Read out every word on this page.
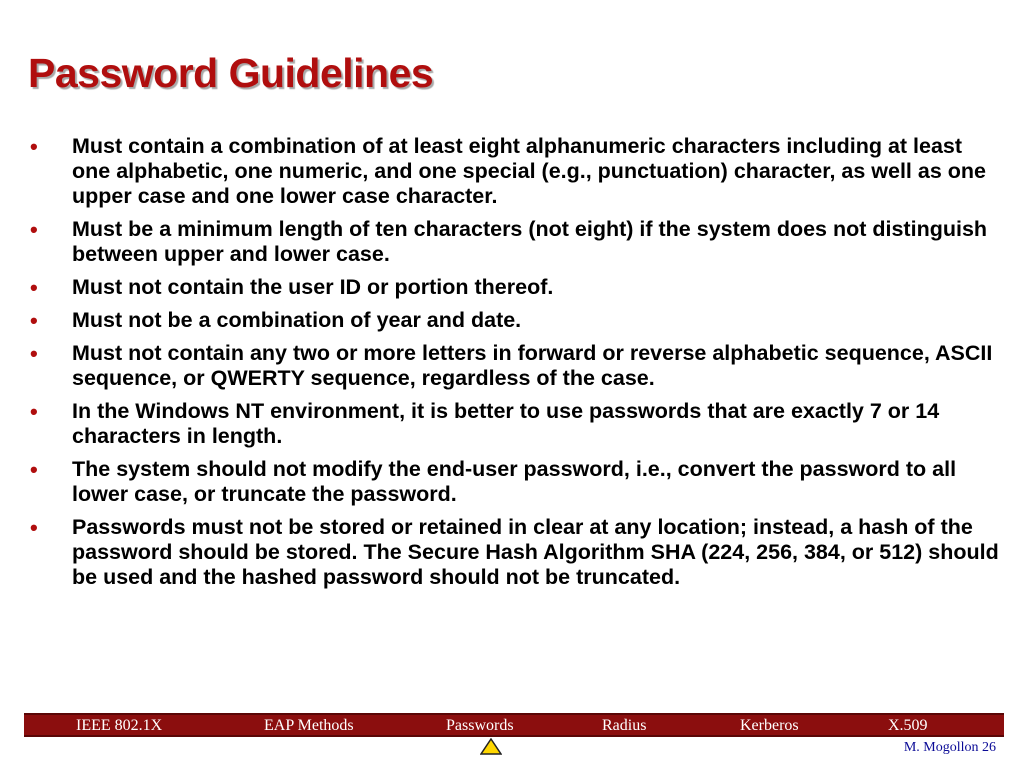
Password Guidelines
• Must contain a combination of at least eight alphanumeric characters including at least one alphabetic, one numeric, and one special (e.g., punctuation) character, as well as one upper case and one lower case character.
• Must be a minimum length of ten characters (not eight) if the system does not distinguish between upper and lower case.
• Must not contain the user ID or portion thereof.
• Must not be a combination of year and date.
• Must not contain any two or more letters in forward or reverse alphabetic sequence, ASCII sequence, or QWERTY sequence, regardless of the case.
• In the Windows NT environment, it is better to use passwords that are exactly 7 or 14 characters in length.
• The system should not modify the end-user password, i.e., convert the password to all lower case, or truncate the password.
• Passwords must not be stored or retained in clear at any location; instead, a hash of the password should be stored. The Secure Hash Algorithm SHA (224, 256, 384, or 512) should be used and the hashed password should not be truncated.
IEEE 802.1X	EAP Methods	Passwords	Radius	Kerberos	X.509
M. Mogollon 26
